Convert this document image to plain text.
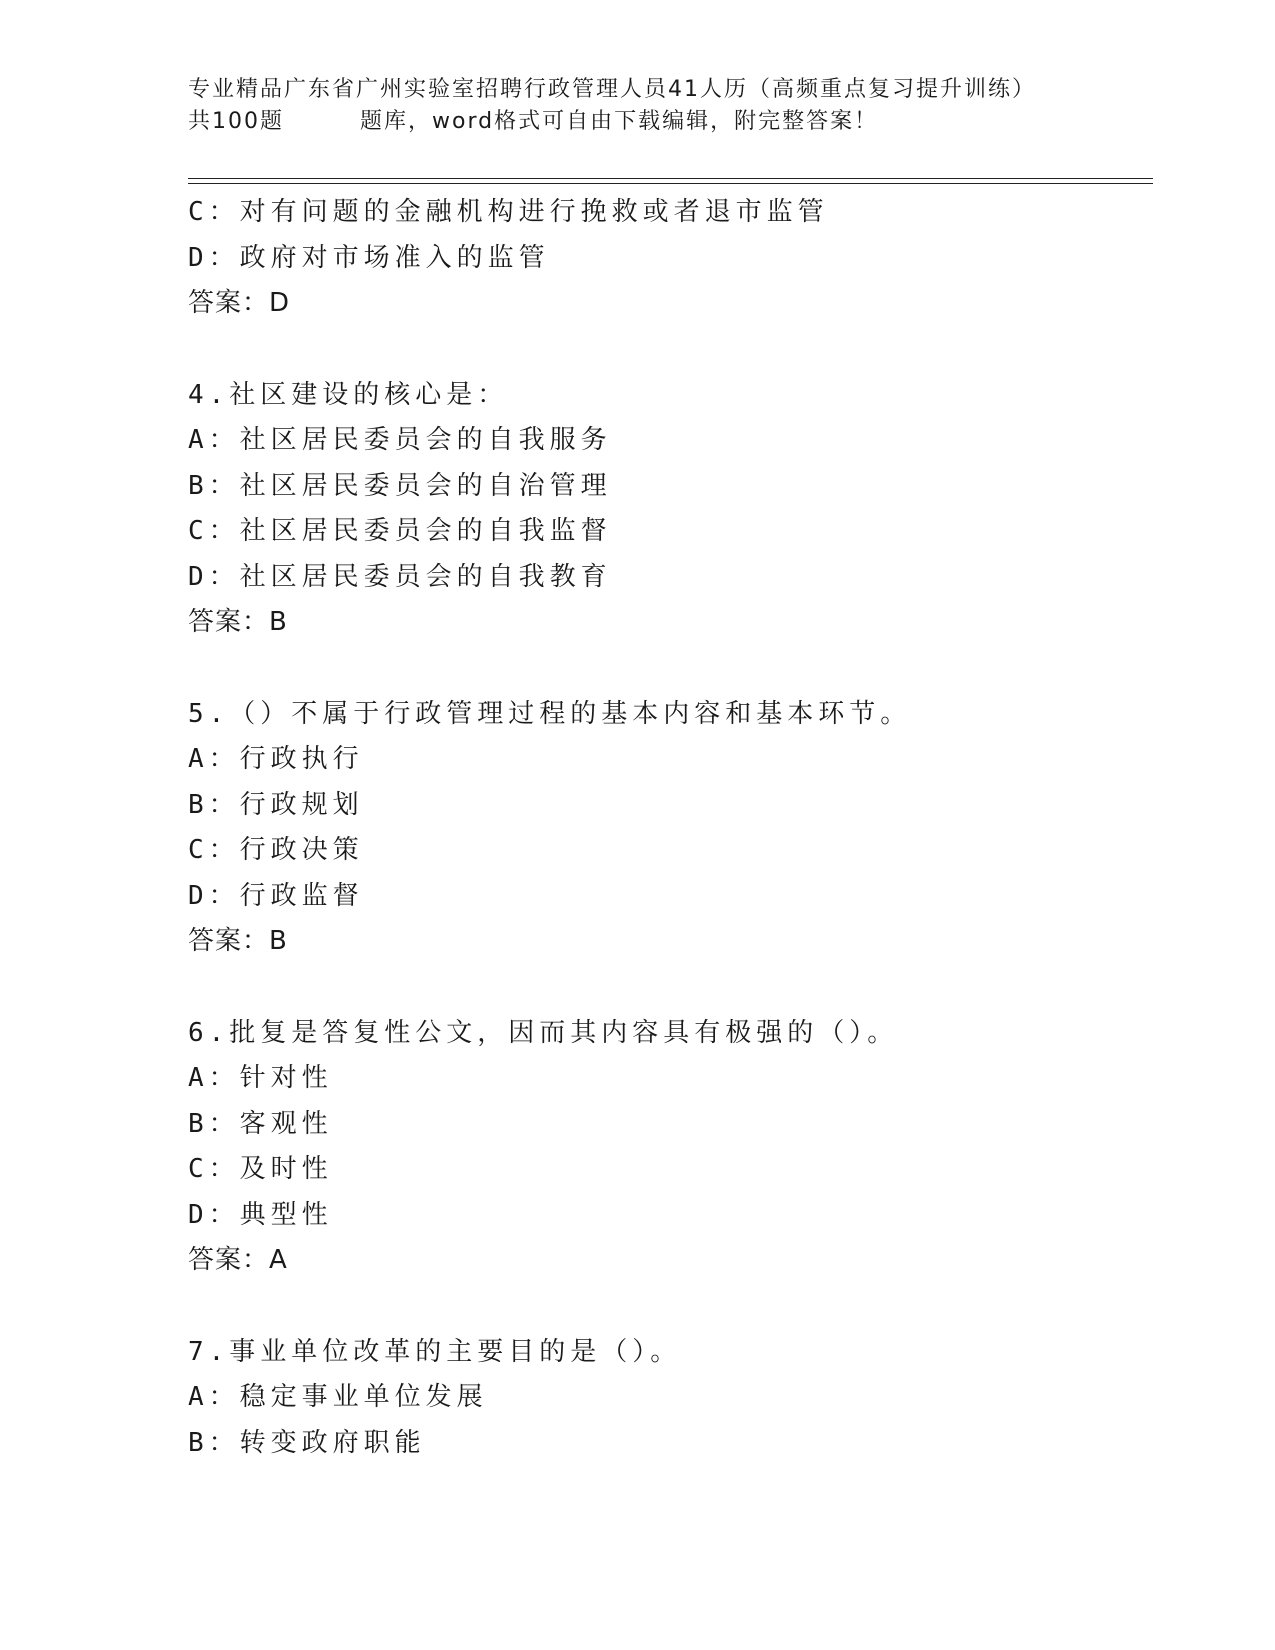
专业精品广东省广州实验室招聘行政管理人员41人历（高频重点复习提升训练）
共100题	题库，word格式可自由下载编辑，附完整答案！
C：对有问题的金融机构进行挽救或者退市监管
D：政府对市场准入的监管
答案：D
4.社区建设的核心是：
A：社区居民委员会的自我服务
B：社区居民委员会的自治管理
C：社区居民委员会的自我监督
D：社区居民委员会的自我教育
答案：B
5.（）不属于行政管理过程的基本内容和基本环节。
A：行政执行
B：行政规划
C：行政决策
D：行政监督
答案：B
6.批复是答复性公文，因而其内容具有极强的（）。
A：针对性
B：客观性
C：及时性
D：典型性
答案：A
7.事业单位改革的主要目的是（）。
A：稳定事业单位发展
B：转变政府职能
